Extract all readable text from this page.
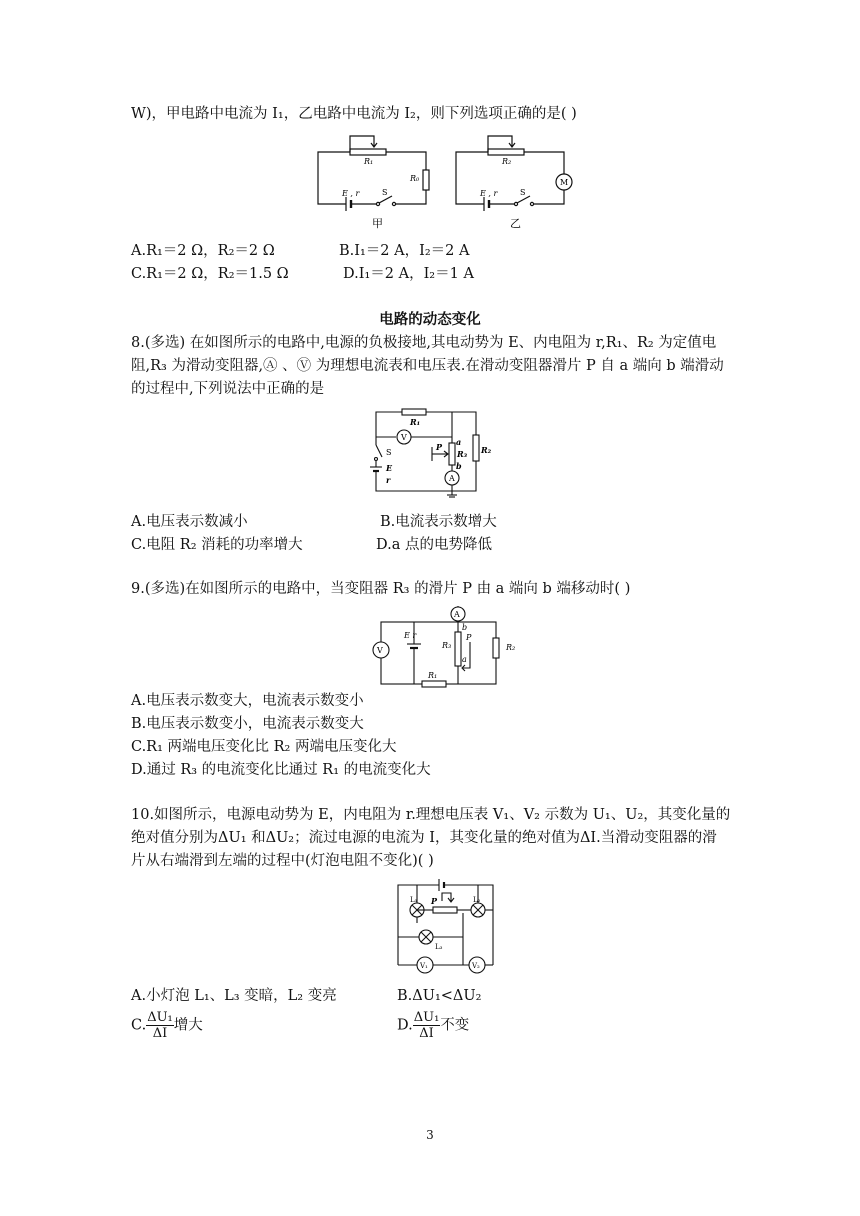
W)，甲电路中电流为 I₁，乙电路中电流为 I₂，则下列选项正确的是( )
R₁
R₀
E , r	S
甲
R₂
M
E , r	S
乙
A.R₁＝2 Ω，R₂＝2 Ω	B.I₁＝2 A，I₂＝2 A
C.R₁＝2 Ω，R₂＝1.5 Ω	D.I₁＝2 A，I₂＝1 A
电路的动态变化
8.(多选) 在如图所示的电路中,电源的负极接地,其电动势为 E、内电阻为 r,R₁、R₂ 为定值电
阻,R₃ 为滑动变阻器,Ⓐ 、Ⓥ 为理想电流表和电压表.在滑动变阻器滑片 P 自 a 端向 b 端滑动
的过程中,下列说法中正确的是
R₁
R₂
R₃
V
A
P a
b
S
E
r
A.电压表示数减小	B.电流表示数增大
C.电阻 R₂ 消耗的功率增大	D.a 点的电势降低
9.(多选)在如图所示的电路中，当变阻器 R₃ 的滑片 P 由 a 端向 b 端移动时( )
V
A
E r
R₁
R₂
R₃
P
a
b
A.电压表示数变大，电流表示数变小
B.电压表示数变小，电流表示数变大
C.R₁ 两端电压变化比 R₂ 两端电压变化大
D.通过 R₃ 的电流变化比通过 R₁ 的电流变化大
10.如图所示，电源电动势为 E，内电阻为 r.理想电压表 V₁、V₂ 示数为 U₁、U₂，其变化量的
绝对值分别为ΔU₁ 和ΔU₂；流过电源的电流为 I，其变化量的绝对值为ΔI.当滑动变阻器的滑
片从右端滑到左端的过程中(灯泡电阻不变化)( )
L₁	L₂
L₃
P
V₁	V₂
A.小灯泡 L₁、L₃ 变暗，L₂ 变亮	B.ΔU₁<ΔU₂
C. $\frac{\text{ΔU₁}}{\Delta I}$ 增大	D. $\frac{\text{ΔU₁}}{\Delta I}$ 不变
3
